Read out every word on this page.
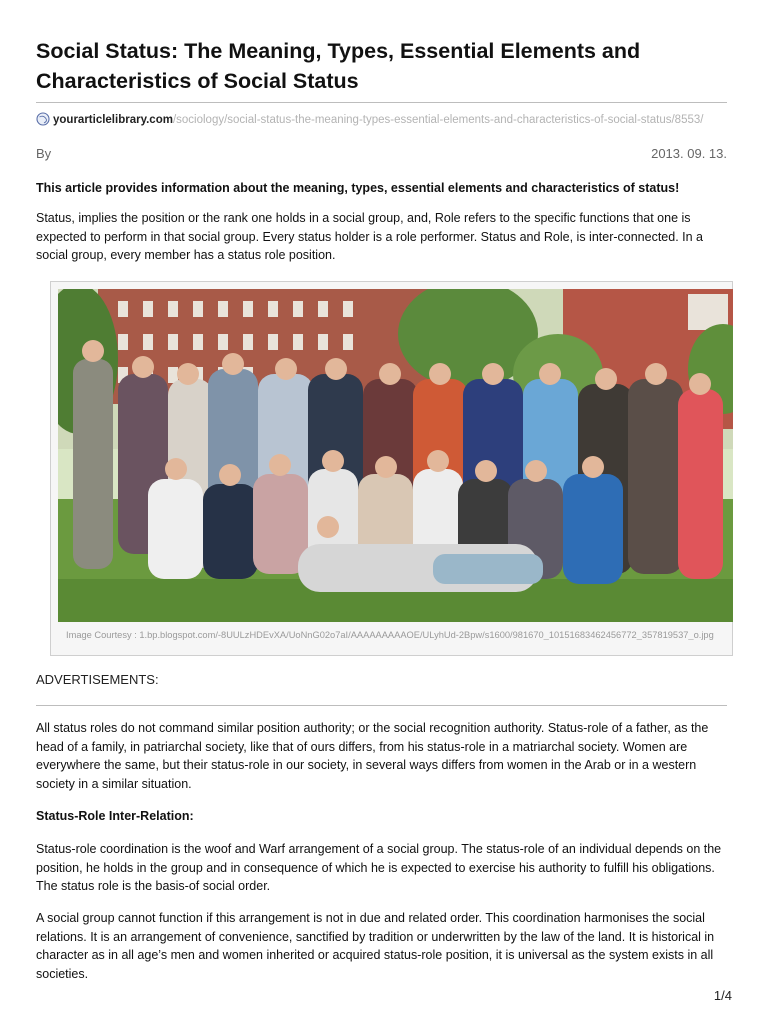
Social Status: The Meaning, Types, Essential Elements and Characteristics of Social Status
yourarticlelibrary.com/sociology/social-status-the-meaning-types-essential-elements-and-characteristics-of-social-status/8553/
By	2013. 09. 13.
This article provides information about the meaning, types, essential elements and characteristics of status!

Status, implies the position or the rank one holds in a social group, and, Role refers to the specific functions that one is expected to perform in that social group. Every status holder is a role performer. Status and Role, is inter-connected. In a social group, every member has a status role position.

Image Courtesy : 1.bp.blogspot.com/-8UULzHDEvXA/UoNnG02o7aI/AAAAAAAAAOE/ULyhUd-2Bpw/s1600/981670_10151683462456772_357819537_o.jpg
ADVERTISEMENTS:

All status roles do not command similar position authority; or the social recognition authority. Status-role of a father, as the head of a family, in patriarchal society, like that of ours differs, from his status-role in a matriarchal society. Women are everywhere the same, but their status-role in our society, in several ways differs from women in the Arab or in a western society in a similar situation.

Status-Role Inter-Relation:

Status-role coordination is the woof and Warf arrangement of a social group. The status-role of an individual depends on the position, he holds in the group and in consequence of which he is expected to exercise his authority to fulfill his obligations. The status role is the basis-of social order.

A social group cannot function if this arrangement is not in due and related order. This coordination harmonises the social relations. It is an arrangement of convenience, sanctified by tradition or underwritten by the law of the land. It is historical in character as in all age’s men and women inherited or acquired status-role position, it is universal as the system exists in all societies.

1/4
